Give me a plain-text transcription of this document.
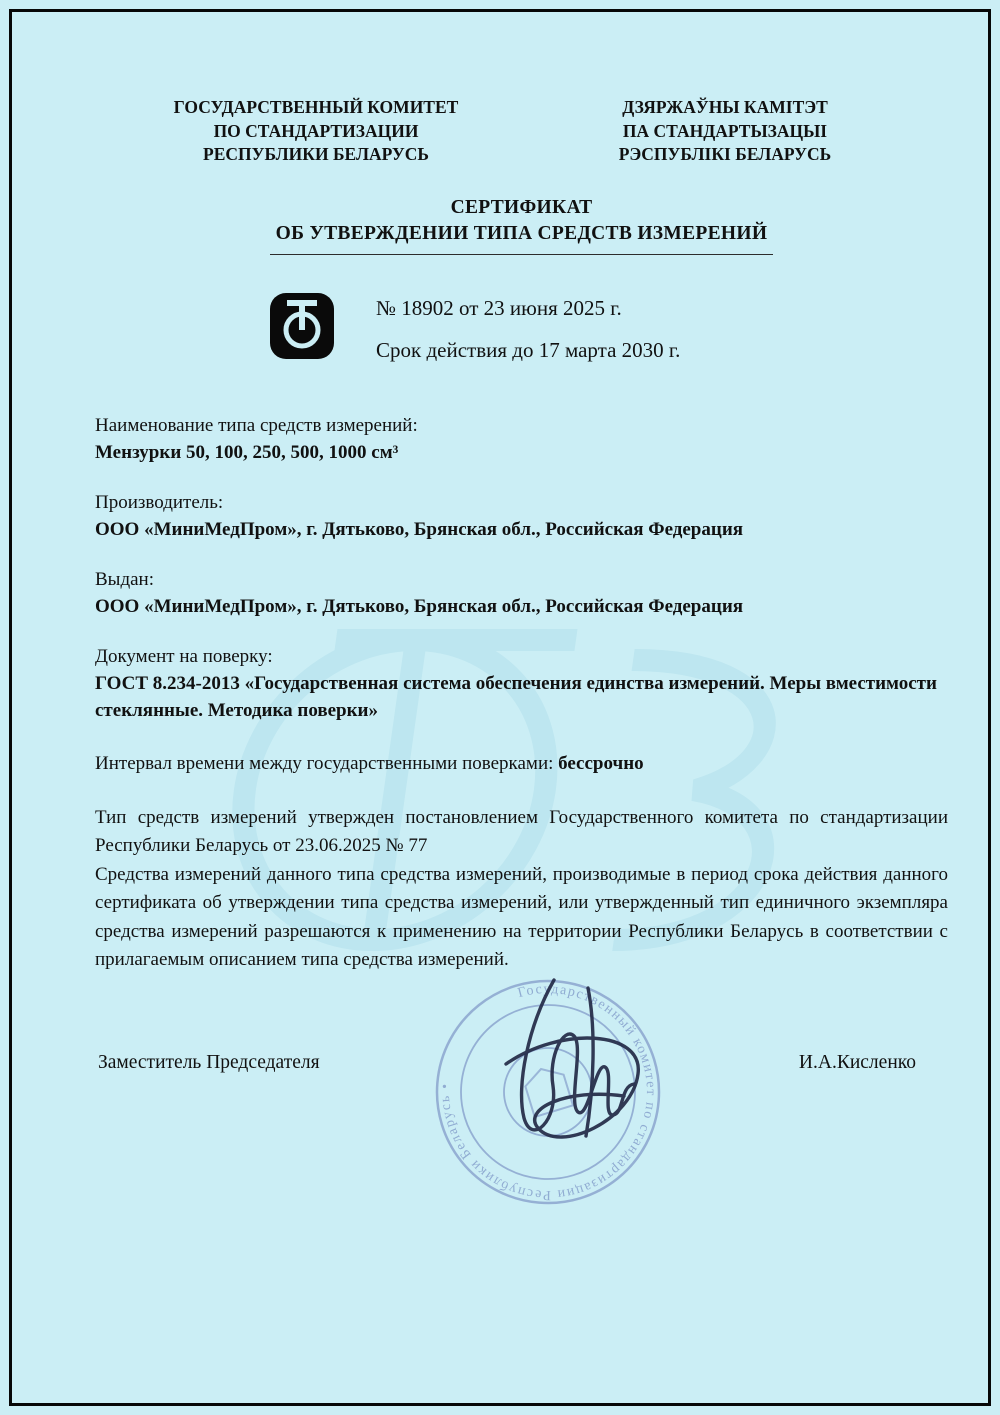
ГОСУДАРСТВЕННЫЙ КОМИТЕТ
ПО СТАНДАРТИЗАЦИИ
РЕСПУБЛИКИ БЕЛАРУСЬ
ДЗЯРЖАЎНЫ КАМІТЭТ
ПА СТАНДАРТЫЗАЦЫІ
РЭСПУБЛІКІ БЕЛАРУСЬ
СЕРТИФИКАТ
ОБ УТВЕРЖДЕНИИ ТИПА СРЕДСТВ ИЗМЕРЕНИЙ
№ 18902 от 23 июня 2025 г.
Срок действия до 17 марта 2030 г.
Наименование типа средств измерений:
Мензурки 50, 100, 250, 500, 1000 см³
Производитель:
ООО «МиниМедПром», г. Дятьково, Брянская обл., Российская Федерация
Выдан:
ООО «МиниМедПром», г. Дятьково, Брянская обл., Российская Федерация
Документ на поверку:
ГОСТ 8.234-2013 «Государственная система обеспечения единства измерений. Меры вместимости стеклянные. Методика поверки»
Интервал времени между государственными поверками: бессрочно

Тип средств измерений утвержден постановлением Государственного комитета по стандартизации Республики Беларусь от 23.06.2025 № 77

Средства измерений данного типа средства измерений, производимые в период срока действия данного сертификата об утверждении типа средства измерений, или утвержденный тип единичного экземпляра средства измерений разрешаются к применению на территории Республики Беларусь в соответствии с прилагаемым описанием типа средства измерений.

Заместитель Председателя	И.А.Кисленко
Государственный комитет по стандартизации Республики Беларусь •
